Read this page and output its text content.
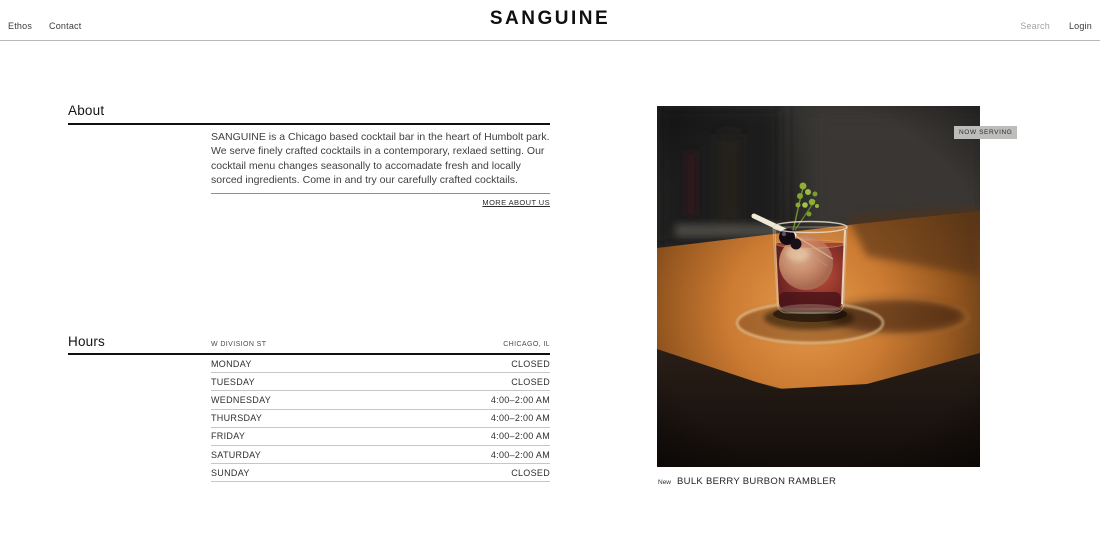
Ethos Contact	SANGUINE	Search Login
About
SANGUINE is a Chicago based cocktail bar in the heart of Humbolt park. We serve finely crafted cocktails in a contemporary, rexlaed setting. Our cocktail menu changes seasonally to accomadate fresh and locally sorced ingredients. Come in and try our carefully crafted cocktails.
MORE ABOUT US
Hours	W DIVISION ST	CHICAGO, IL
MONDAY	CLOSED
TUESDAY	CLOSED
WEDNESDAY	4:00–2:00 AM
THURSDAY	4:00–2:00 AM
FRIDAY	4:00–2:00 AM
SATURDAY	4:00–2:00 AM
SUNDAY	CLOSED
NOW SERVING
New BULK BERRY BURBON RAMBLER
